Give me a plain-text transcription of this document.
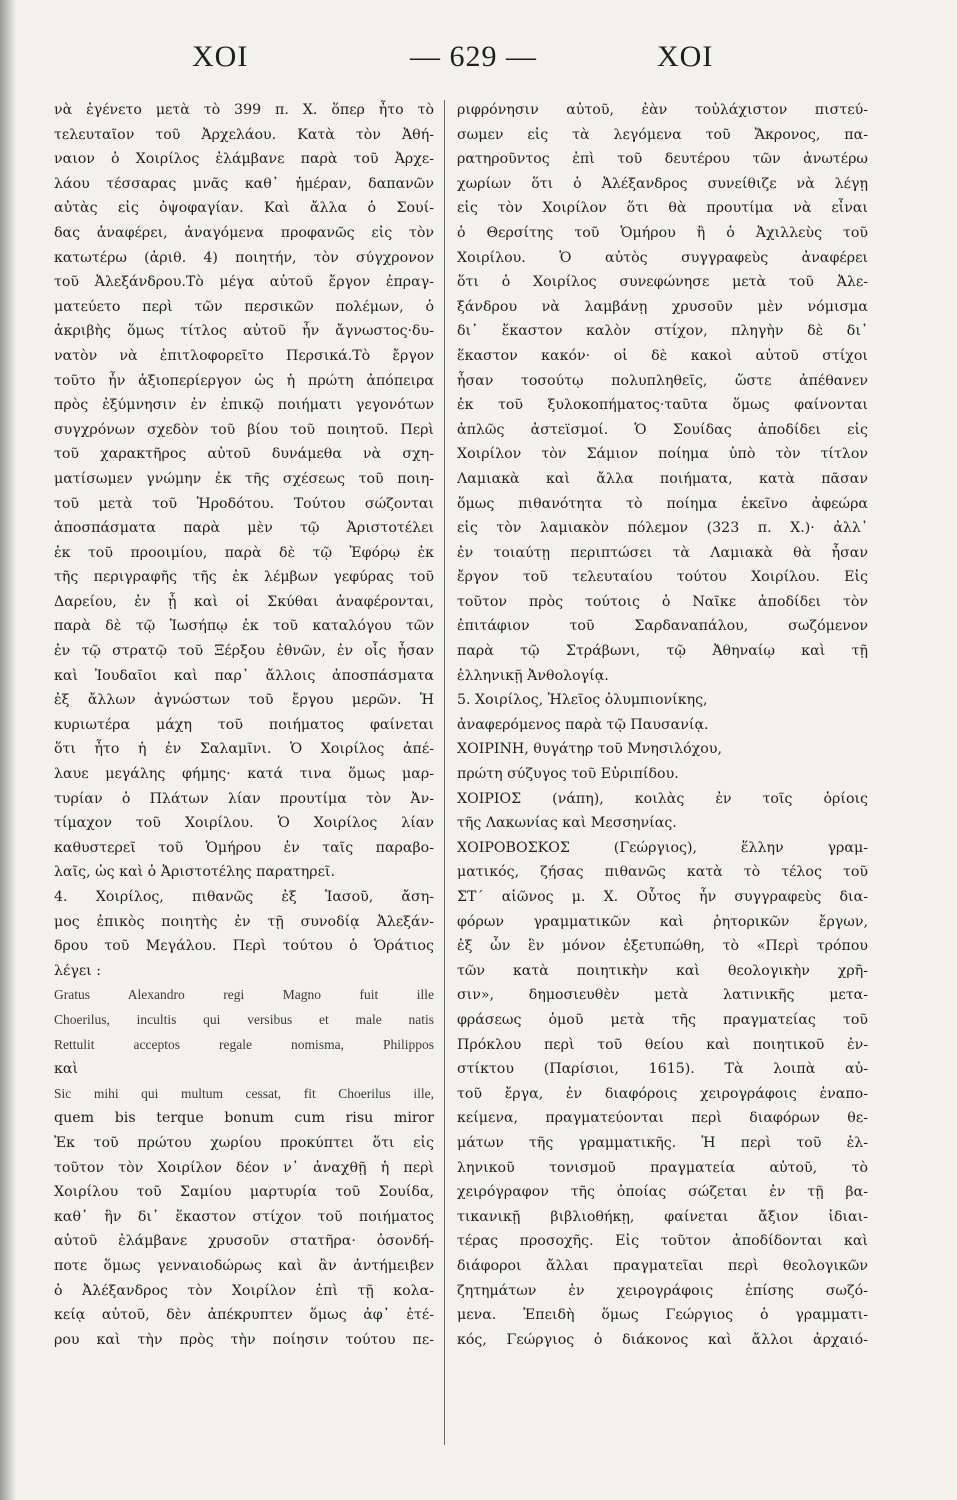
ΧΟΙ	— 629 —	ΧΟΙ
νὰ ἐγένετο μετὰ τὸ 399 π. Χ. ὅπερ ἦτο τὸ
τελευταῖον τοῦ Ἀρχελάου. Κατὰ τὸν Ἀθή-
ναιον ὁ Χοιρίλος ἐλάμβανε παρὰ τοῦ Ἀρχε-
λάου τέσσαρας μνᾶς καθ᾽ ἡμέραν, δαπανῶν
αὐτὰς εἰς ὀψοφαγίαν. Καὶ ἄλλα ὁ Σουί-
δας ἀναφέρει, ἀναγόμενα προφανῶς εἰς τὸν
κατωτέρω (ἀριθ. 4) ποιητήν, τὸν σύγχρονον
τοῦ Ἀλεξάνδρου.Τὸ μέγα αὐτοῦ ἔργον ἐπραγ-
ματεύετο περὶ τῶν περσικῶν πολέμων, ὁ
ἀκριβὴς ὅμως τίτλος αὐτοῦ ἦν ἄγνωστος·δυ-
νατὸν νὰ ἐπιτλοφορεῖτο Περσικά.Τὸ ἔργον
τοῦτο ἦν ἀξιοπερίεργον ὡς ἡ πρώτη ἀπόπειρα
πρὸς ἐξύμνησιν ἐν ἐπικῷ ποιήματι γεγονότων
συγχρόνων σχεδὸν τοῦ βίου τοῦ ποιητοῦ. Περὶ
τοῦ χαρακτῆρος αὐτοῦ δυνάμεθα νὰ σχη-
ματίσωμεν γνώμην ἐκ τῆς σχέσεως τοῦ ποιη-
τοῦ μετὰ τοῦ Ἡροδότου. Τούτου σώζονται
ἀποσπάσματα παρὰ μὲν τῷ Ἀριστοτέλει
ἐκ τοῦ προοιμίου, παρὰ δὲ τῷ Ἐφόρῳ ἐκ
τῆς περιγραφῆς τῆς ἐκ λέμβων γεφύρας τοῦ
Δαρείου, ἐν ᾗ καὶ οἱ Σκύθαι ἀναφέρονται,
παρὰ δὲ τῷ Ἰωσήπῳ ἐκ τοῦ καταλόγου τῶν
ἐν τῷ στρατῷ τοῦ Ξέρξου ἐθνῶν, ἐν οἷς ἦσαν
καὶ Ἰουδαῖοι καὶ παρ᾽ ἄλλοις ἀποσπάσματα
ἐξ ἄλλων ἀγνώστων τοῦ ἔργου μερῶν. Ἡ
κυριωτέρα μάχη τοῦ ποιήματος φαίνεται
ὅτι ἦτο ἡ ἐν Σαλαμῖνι. Ὁ Χοιρίλος ἀπέ-
λαυε μεγάλης φήμης· κατά τινα ὅμως μαρ-
τυρίαν ὁ Πλάτων λίαν προυτίμα τὸν Ἀν-
τίμαχον τοῦ Χοιρίλου. Ὁ Χοιρίλος λίαν
καθυστερεῖ τοῦ Ὁμήρου ἐν ταῖς παραβο-
λαῖς, ὡς καὶ ὁ Ἀριστοτέλης παρατηρεῖ.
4. Χοιρίλος, πιθανῶς ἐξ Ἰασοῦ, ἄση-
μος ἐπικὸς ποιητὴς ἐν τῇ συνοδίᾳ Ἀλεξάν-
δρου τοῦ Μεγάλου. Περὶ τούτου ὁ Ὁράτιος
λέγει :
Gratus Alexandro regi Magno fuit ille
Choerilus, incultis qui versibus et male natis
Rettulit acceptos regale nomisma, Philippos
καὶ
Sic mihi qui multum cessat, fit Choerilus ille,
quem bis terque bonum cum risu miror
Ἐκ τοῦ πρώτου χωρίου προκύπτει ὅτι εἰς
τοῦτον τὸν Χοιρίλον δέον ν᾽ ἀναχθῇ ἡ περὶ
Χοιρίλου τοῦ Σαμίου μαρτυρία τοῦ Σουίδα,
καθ᾽ ἣν δι᾽ ἕκαστον στίχον τοῦ ποιήματος
αὐτοῦ ἐλάμβανε χρυσοῦν στατῆρα· ὁσονδή-
ποτε ὅμως γενναιοδώρως καὶ ἂν ἀντήμειβεν
ὁ Ἀλέξανδρος τὸν Χοιρίλον ἐπὶ τῇ κολα-
κείᾳ αὐτοῦ, δὲν ἀπέκρυπτεν ὅμως ἀφ᾽ ἑτέ-
ρου καὶ τὴν πρὸς τὴν ποίησιν τούτου πε-
ριφρόνησιν αὐτοῦ, ἐὰν τοὐλάχιστον πιστεύ-
σωμεν εἰς τὰ λεγόμενα τοῦ Ἄκρονος, πα-
ρατηροῦντος ἐπὶ τοῦ δευτέρου τῶν ἀνωτέρω
χωρίων ὅτι ὁ Ἀλέξανδρος συνείθιζε νὰ λέγῃ
εἰς τὸν Χοιρίλον ὅτι θὰ προυτίμα νὰ εἶναι
ὁ Θερσίτης τοῦ Ὁμήρου ἢ ὁ Ἀχιλλεὺς τοῦ
Χοιρίλου. Ὁ αὐτὸς συγγραφεὺς ἀναφέρει
ὅτι ὁ Χοιρίλος συνεφώνησε μετὰ τοῦ Ἀλε-
ξάνδρου νὰ λαμβάνῃ χρυσοῦν μὲν νόμισμα
δι᾽ ἕκαστον καλὸν στίχον, πληγὴν δὲ δι᾽
ἕκαστον κακόν· οἱ δὲ κακοὶ αὐτοῦ στίχοι
ἦσαν τοσούτῳ πολυπληθεῖς, ὥστε ἀπέθανεν
ἐκ τοῦ ξυλοκοπήματος·ταῦτα ὅμως φαίνονται
ἁπλῶς ἀστεϊσμοί. Ὁ Σουίδας ἀποδίδει εἰς
Χοιρίλον τὸν Σάμιον ποίημα ὑπὸ τὸν τίτλον
Λαμιακὰ καὶ ἄλλα ποιήματα, κατὰ πᾶσαν
ὅμως πιθανότητα τὸ ποίημα ἐκεῖνο ἀφεώρα
εἰς τὸν λαμιακὸν πόλεμον (323 π. Χ.)· ἀλλ᾽
ἐν τοιαύτῃ περιπτώσει τὰ Λαμιακὰ θὰ ἦσαν
ἔργον τοῦ τελευταίου τούτου Χοιρίλου. Εἰς
τοῦτον πρὸς τούτοις ὁ Ναῖκε ἀποδίδει τὸν
ἐπιτάφιον τοῦ Σαρδαναπάλου, σωζόμενον
παρὰ τῷ Στράβωνι, τῷ Ἀθηναίῳ καὶ τῇ
ἑλληνικῇ Ἀνθολογίᾳ.
5. Χοιρίλος, Ἠλεῖος ὀλυμπιονίκης,
ἀναφερόμενος παρὰ τῷ Παυσανίᾳ.
ΧΟΙΡΙΝΗ, θυγάτηρ τοῦ Μνησιλόχου,
πρώτη σύζυγος τοῦ Εὐριπίδου.
ΧΟΙΡΙΟΣ (νάπη), κοιλὰς ἐν τοῖς ὁρίοις
τῆς Λακωνίας καὶ Μεσσηνίας.
ΧΟΙΡΟΒΟΣΚΟΣ (Γεώργιος), ἕλλην γραμ-
ματικός, ζήσας πιθανῶς κατὰ τὸ τέλος τοῦ
ΣΤ΄ αἰῶνος μ. Χ. Οὗτος ἦν συγγραφεὺς δια-
φόρων γραμματικῶν καὶ ῥητορικῶν ἔργων,
ἐξ ὧν ἓν μόνον ἐξετυπώθη, τὸ «Περὶ τρόπου
τῶν κατὰ ποιητικὴν καὶ θεολογικὴν χρῆ-
σιν», δημοσιευθὲν μετὰ λατινικῆς μετα-
φράσεως ὁμοῦ μετὰ τῆς πραγματείας τοῦ
Πρόκλου περὶ τοῦ θείου καὶ ποιητικοῦ ἐν-
στίκτου (Παρίσιοι, 1615). Τὰ λοιπὰ αὐ-
τοῦ ἔργα, ἐν διαφόροις χειρογράφοις ἐναπο-
κείμενα, πραγματεύονται περὶ διαφόρων θε-
μάτων τῆς γραμματικῆς. Ἡ περὶ τοῦ ἑλ-
ληνικοῦ τονισμοῦ πραγματεία αὐτοῦ, τὸ
χειρόγραφον τῆς ὁποίας σώζεται ἐν τῇ βα-
τικανικῇ βιβλιοθήκῃ, φαίνεται ἄξιον ἰδιαι-
τέρας προσοχῆς. Εἰς τοῦτον ἀποδίδονται καὶ
διάφοροι ἄλλαι πραγματεῖαι περὶ θεολογικῶν
ζητημάτων ἐν χειρογράφοις ἐπίσης σωζό-
μενα. Ἐπειδὴ ὅμως Γεώργιος ὁ γραμματι-
κός, Γεώργιος ὁ διάκονος καὶ ἄλλοι ἀρχαιό-
